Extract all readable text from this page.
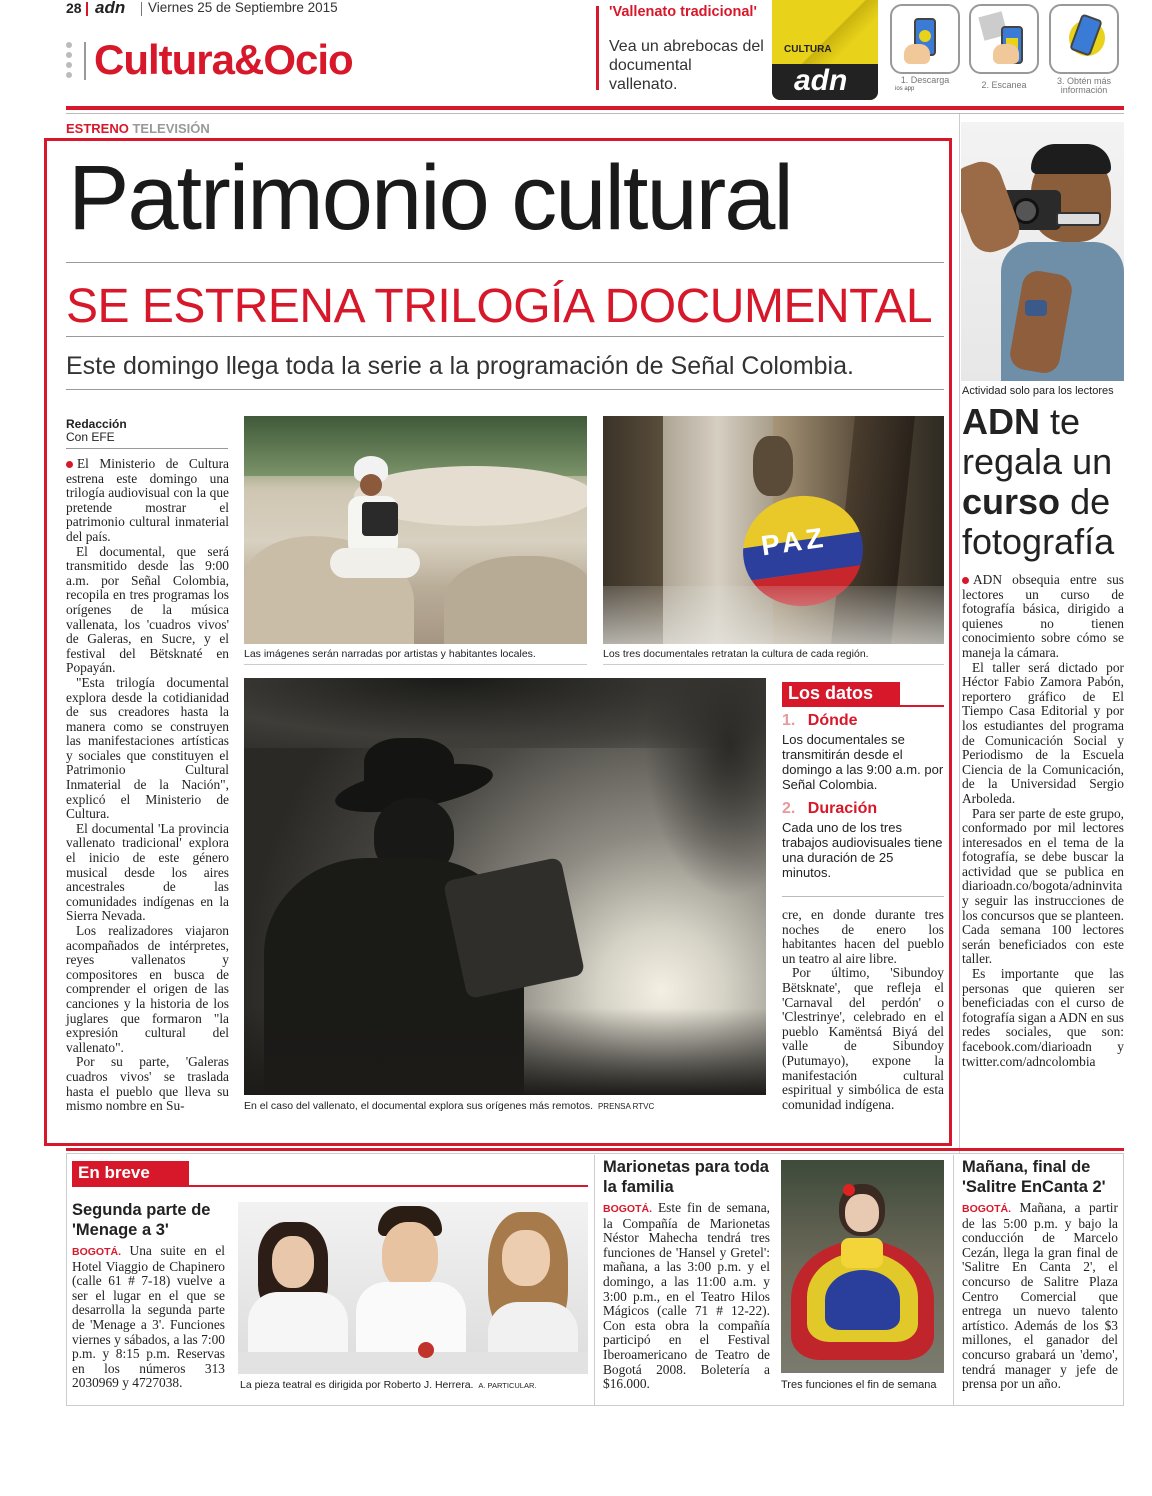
28 adn Viernes 25 de Septiembre 2015
Cultura&Ocio
'Vallenato tradicional'
Vea un abrebocas del documental vallenato.
CULTURA
adn	1. Descarga
ios app	2. Escanea	3. Obtén más información
ESTRENO TELEVISIÓN
Patrimonio cultural
SE ESTRENA TRILOGÍA DOCUMENTAL
Este domingo llega toda la serie a la programación de Señal Colombia.
Redacción
Con EFE

El Ministerio de Cultura estrena este domingo una trilogía audiovisual con la que pretende mostrar el patrimonio cultural inmaterial del país.

El documental, que será transmitido desde las 9:00 a.m. por Señal Colombia, recopila en tres programas los orígenes de la música vallenata, los 'cuadros vivos' de Galeras, en Sucre, y el festival del Bëtsknaté en Popayán.

"Esta trilogía documental explora desde la cotidianidad de sus creadores hasta la manera como se construyen las manifestaciones artísticas y sociales que constituyen el Patrimonio Cultural Inmaterial de la Nación", explicó el Ministerio de Cultura.

El documental 'La provincia vallenato tradicional' explora el inicio de este género musical desde los aires ancestrales de las comunidades indígenas en la Sierra Nevada.

Los realizadores viajaron acompañados de intérpretes, reyes vallenatos y compositores en busca de comprender el origen de las canciones y la historia de los juglares que formaron "la expresión cultural del vallenato".

Por su parte, 'Galeras cuadros vivos' se traslada hasta el pueblo que lleva su mismo nombre en Su-

Las imágenes serán narradas por artistas y habitantes locales.
PAZ
Los tres documentales retratan la cultura de cada región.
En el caso del vallenato, el documental explora sus orígenes más remotos. PRENSA RTVC
Los datos
1. Dónde
Los documentales se transmitirán desde el domingo a las 9:00 a.m. por Señal Colombia.
2. Duración
Cada uno de los tres trabajos audiovisuales tiene una duración de 25 minutos.

cre, en donde durante tres noches de enero los habitantes hacen del pueblo un teatro al aire libre.

Por último, 'Sibundoy Bëtsknate', que refleja el 'Carnaval del perdón' o 'Clestrinye', celebrado en el pueblo Kamëntsá Biyá del valle de Sibundoy (Putumayo), expone la manifestación cultural espiritual y simbólica de esta comunidad indígena.

Actividad solo para los lectores
ADN te regala un curso de fotografía

ADN obsequia entre sus lectores un curso de fotografía básica, dirigido a quienes no tienen conocimiento sobre cómo se maneja la cámara.

El taller será dictado por Héctor Fabio Zamora Pabón, reportero gráfico de El Tiempo Casa Editorial y por los estudiantes del programa de Comunicación Social y Periodismo de la Escuela Ciencia de la Comunicación, de la Universidad Sergio Arboleda.

Para ser parte de este grupo, conformado por mil lectores interesados en el tema de la fotografía, se debe buscar la actividad que se publica en diarioadn.co/bogota/adninvita y seguir las instrucciones de los concursos que se planteen. Cada semana 100 lectores serán beneficiados con este taller.

Es importante que las personas que quieren ser beneficiadas con el curso de fotografía sigan a ADN en sus redes sociales, que son: facebook.com/diarioadn y twitter.com/adncolombia

En breve
Segunda parte de 'Menage a 3'
BOGOTÁ. Una suite en el Hotel Viaggio de Chapinero (calle 61 # 7-18) vuelve a ser el lugar en el que se desarrolla la segunda parte de 'Menage a 3'. Funciones viernes y sábados, a las 7:00 p.m. y 8:15 p.m. Reservas en los números 313 2030969 y 4727038.	La pieza teatral es dirigida por Roberto J. Herrera. A. PARTICULAR.
Marionetas para toda la familia
BOGOTÁ. Este fin de semana, la Compañía de Marionetas Néstor Mahecha tendrá tres funciones de 'Hansel y Gretel': mañana, a las 3:00 p.m. y el domingo, a las 11:00 a.m. y 3:00 p.m., en el Teatro Hilos Mágicos (calle 71 # 12-22). Con esta obra la compañía participó en el Festival Iberoamericano de Teatro de Bogotá 2008. Boletería a $16.000.	Tres funciones el fin de semana
Mañana, final de 'Salitre EnCanta 2'
BOGOTÁ. Mañana, a partir de las 5:00 p.m. y bajo la conducción de Marcelo Cezán, llega la gran final de 'Salitre En Canta 2', el concurso de Salitre Plaza Centro Comercial que entrega un nuevo talento artístico. Además de los $3 millones, el ganador del concurso grabará un 'demo', tendrá manager y jefe de prensa por un año.
